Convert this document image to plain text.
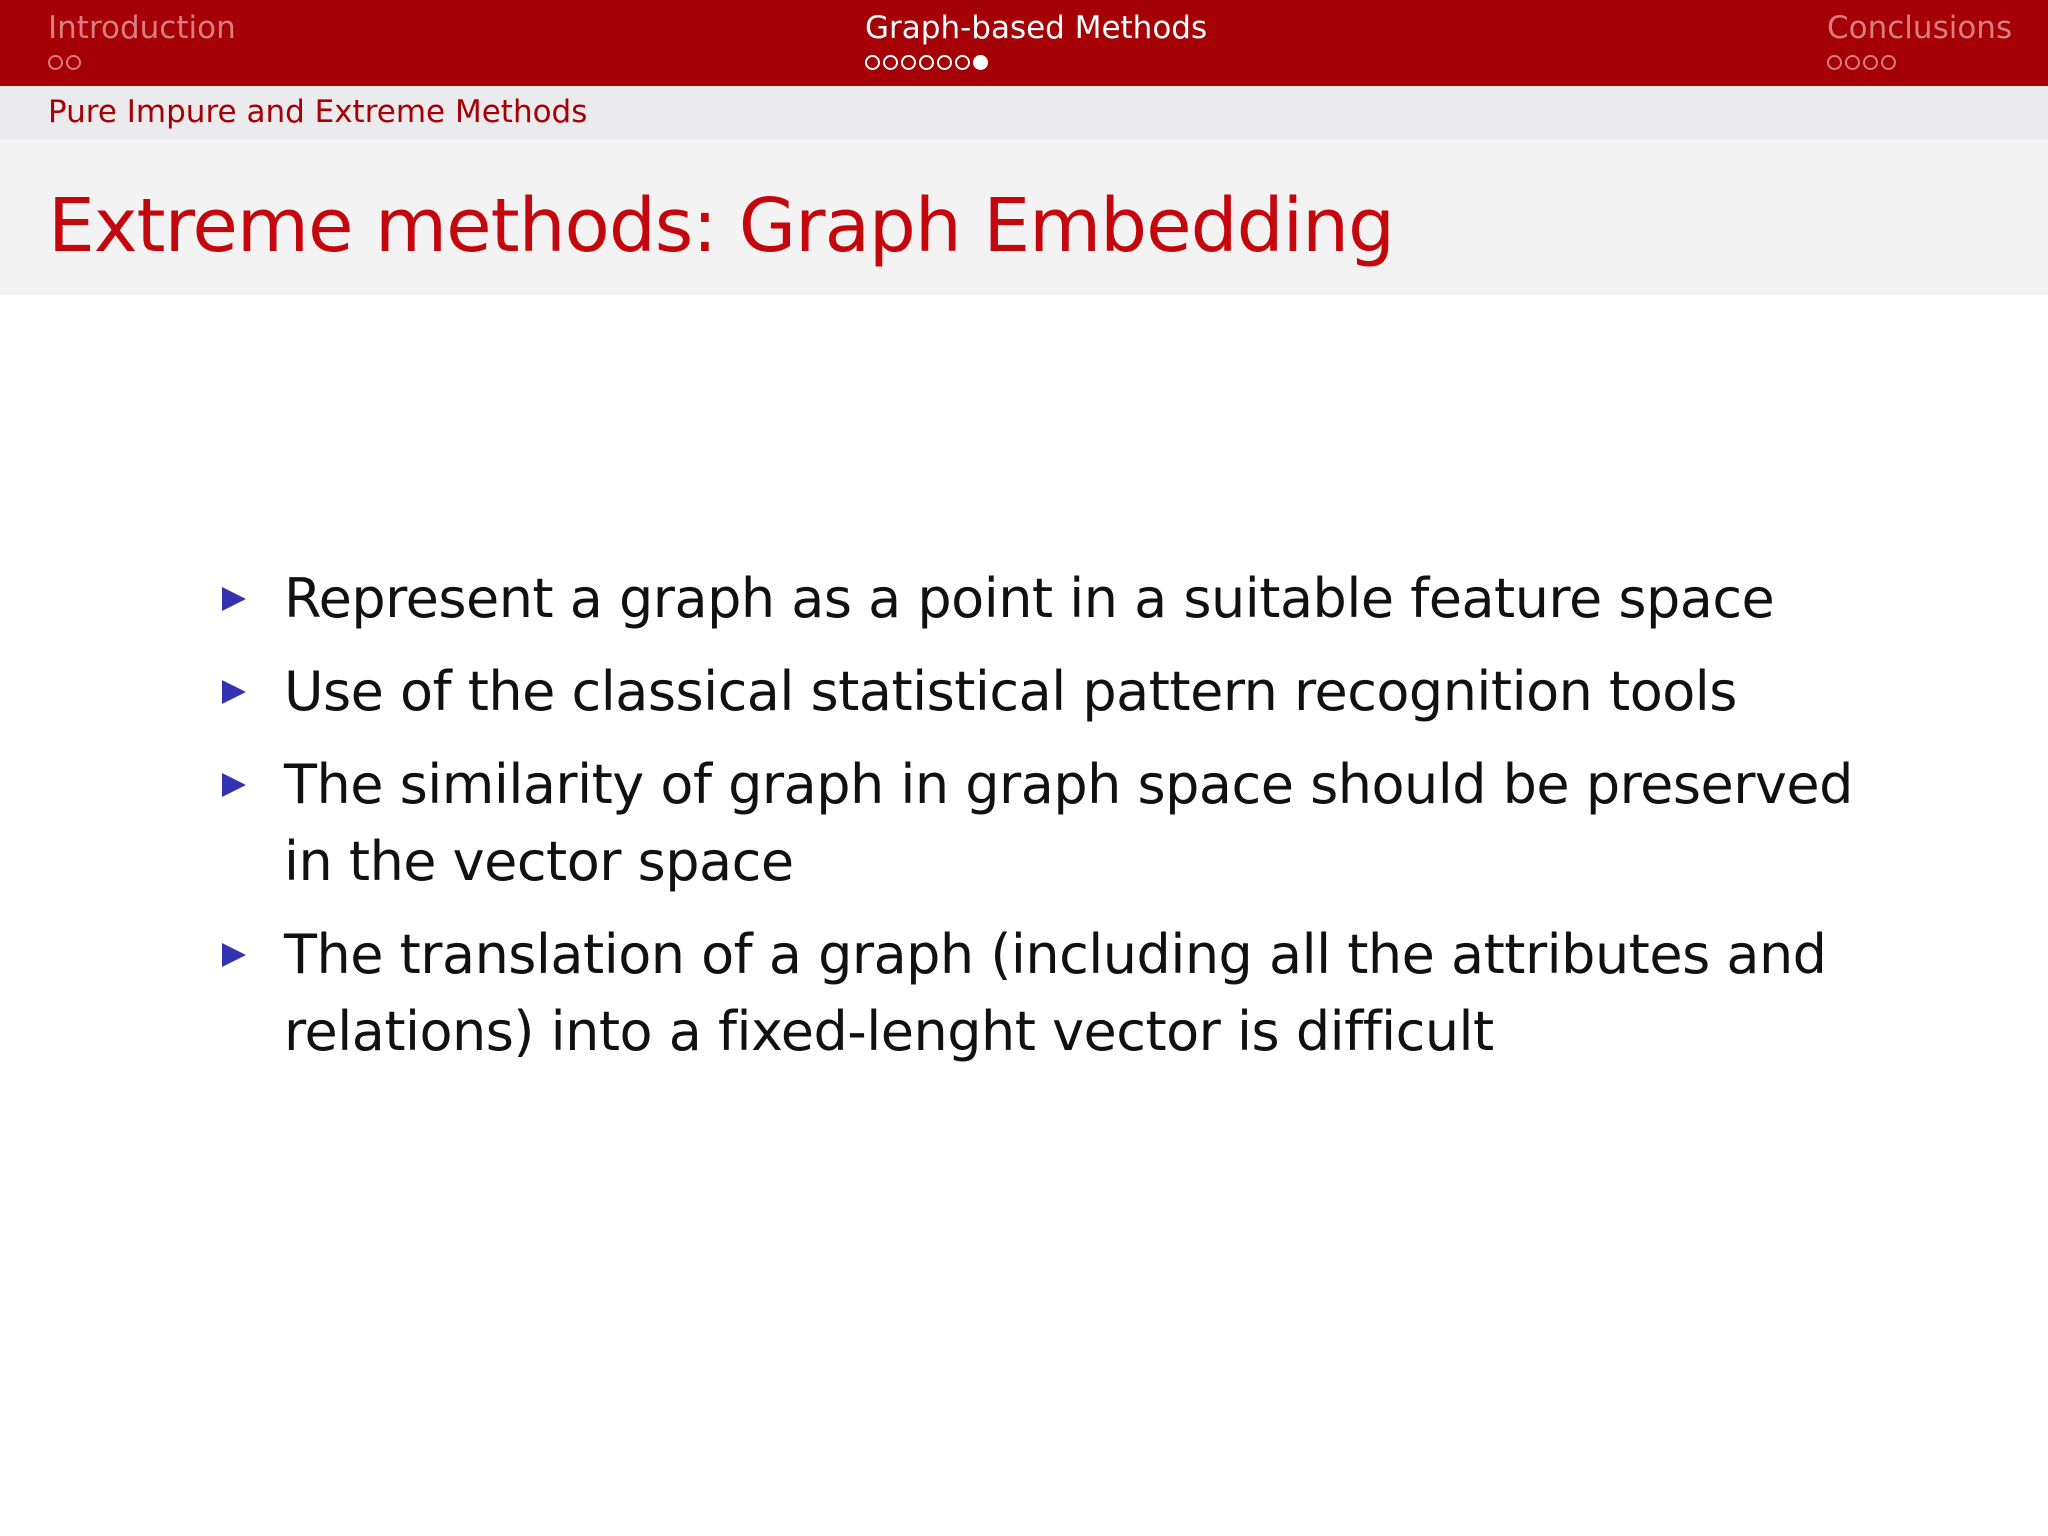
Introduction	Graph-based Methods	Conclusions
Pure Impure and Extreme Methods
Extreme methods: Graph Embedding
Represent a graph as a point in a suitable feature space
Use of the classical statistical pattern recognition tools
The similarity of graph in graph space should be preserved in the vector space
The translation of a graph (including all the attributes and relations) into a fixed-lenght vector is difficult
